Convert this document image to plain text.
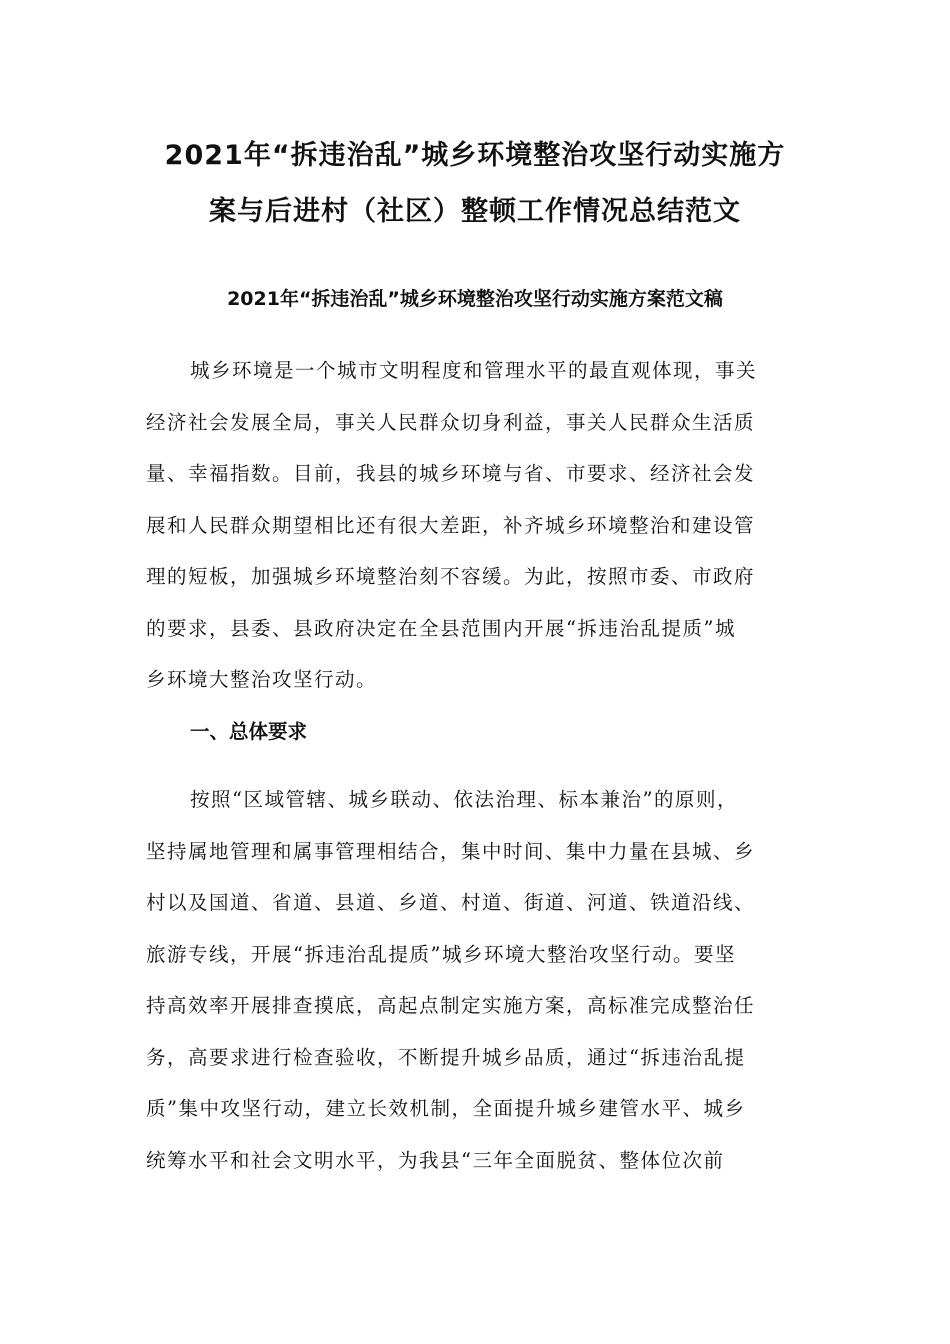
2021年“拆违治乱”城乡环境整治攻坚行动实施方
案与后进村（社区）整顿工作情况总结范文
2021年“拆违治乱”城乡环境整治攻坚行动实施方案范文稿
城乡环境是一个城市文明程度和管理水平的最直观体现，事关
经济社会发展全局，事关人民群众切身利益，事关人民群众生活质
量、幸福指数。目前，我县的城乡环境与省、市要求、经济社会发
展和人民群众期望相比还有很大差距，补齐城乡环境整治和建设管
理的短板，加强城乡环境整治刻不容缓。为此，按照市委、市政府
的要求，县委、县政府决定在全县范围内开展“拆违治乱提质”城
乡环境大整治攻坚行动。
一、总体要求
按照“区域管辖、城乡联动、依法治理、标本兼治”的原则，
坚持属地管理和属事管理相结合，集中时间、集中力量在县城、乡
村以及国道、省道、县道、乡道、村道、街道、河道、铁道沿线、
旅游专线，开展“拆违治乱提质”城乡环境大整治攻坚行动。要坚
持高效率开展排查摸底，高起点制定实施方案，高标准完成整治任
务，高要求进行检查验收，不断提升城乡品质，通过“拆违治乱提
质”集中攻坚行动，建立长效机制，全面提升城乡建管水平、城乡
统筹水平和社会文明水平，为我县“三年全面脱贫、整体位次前
